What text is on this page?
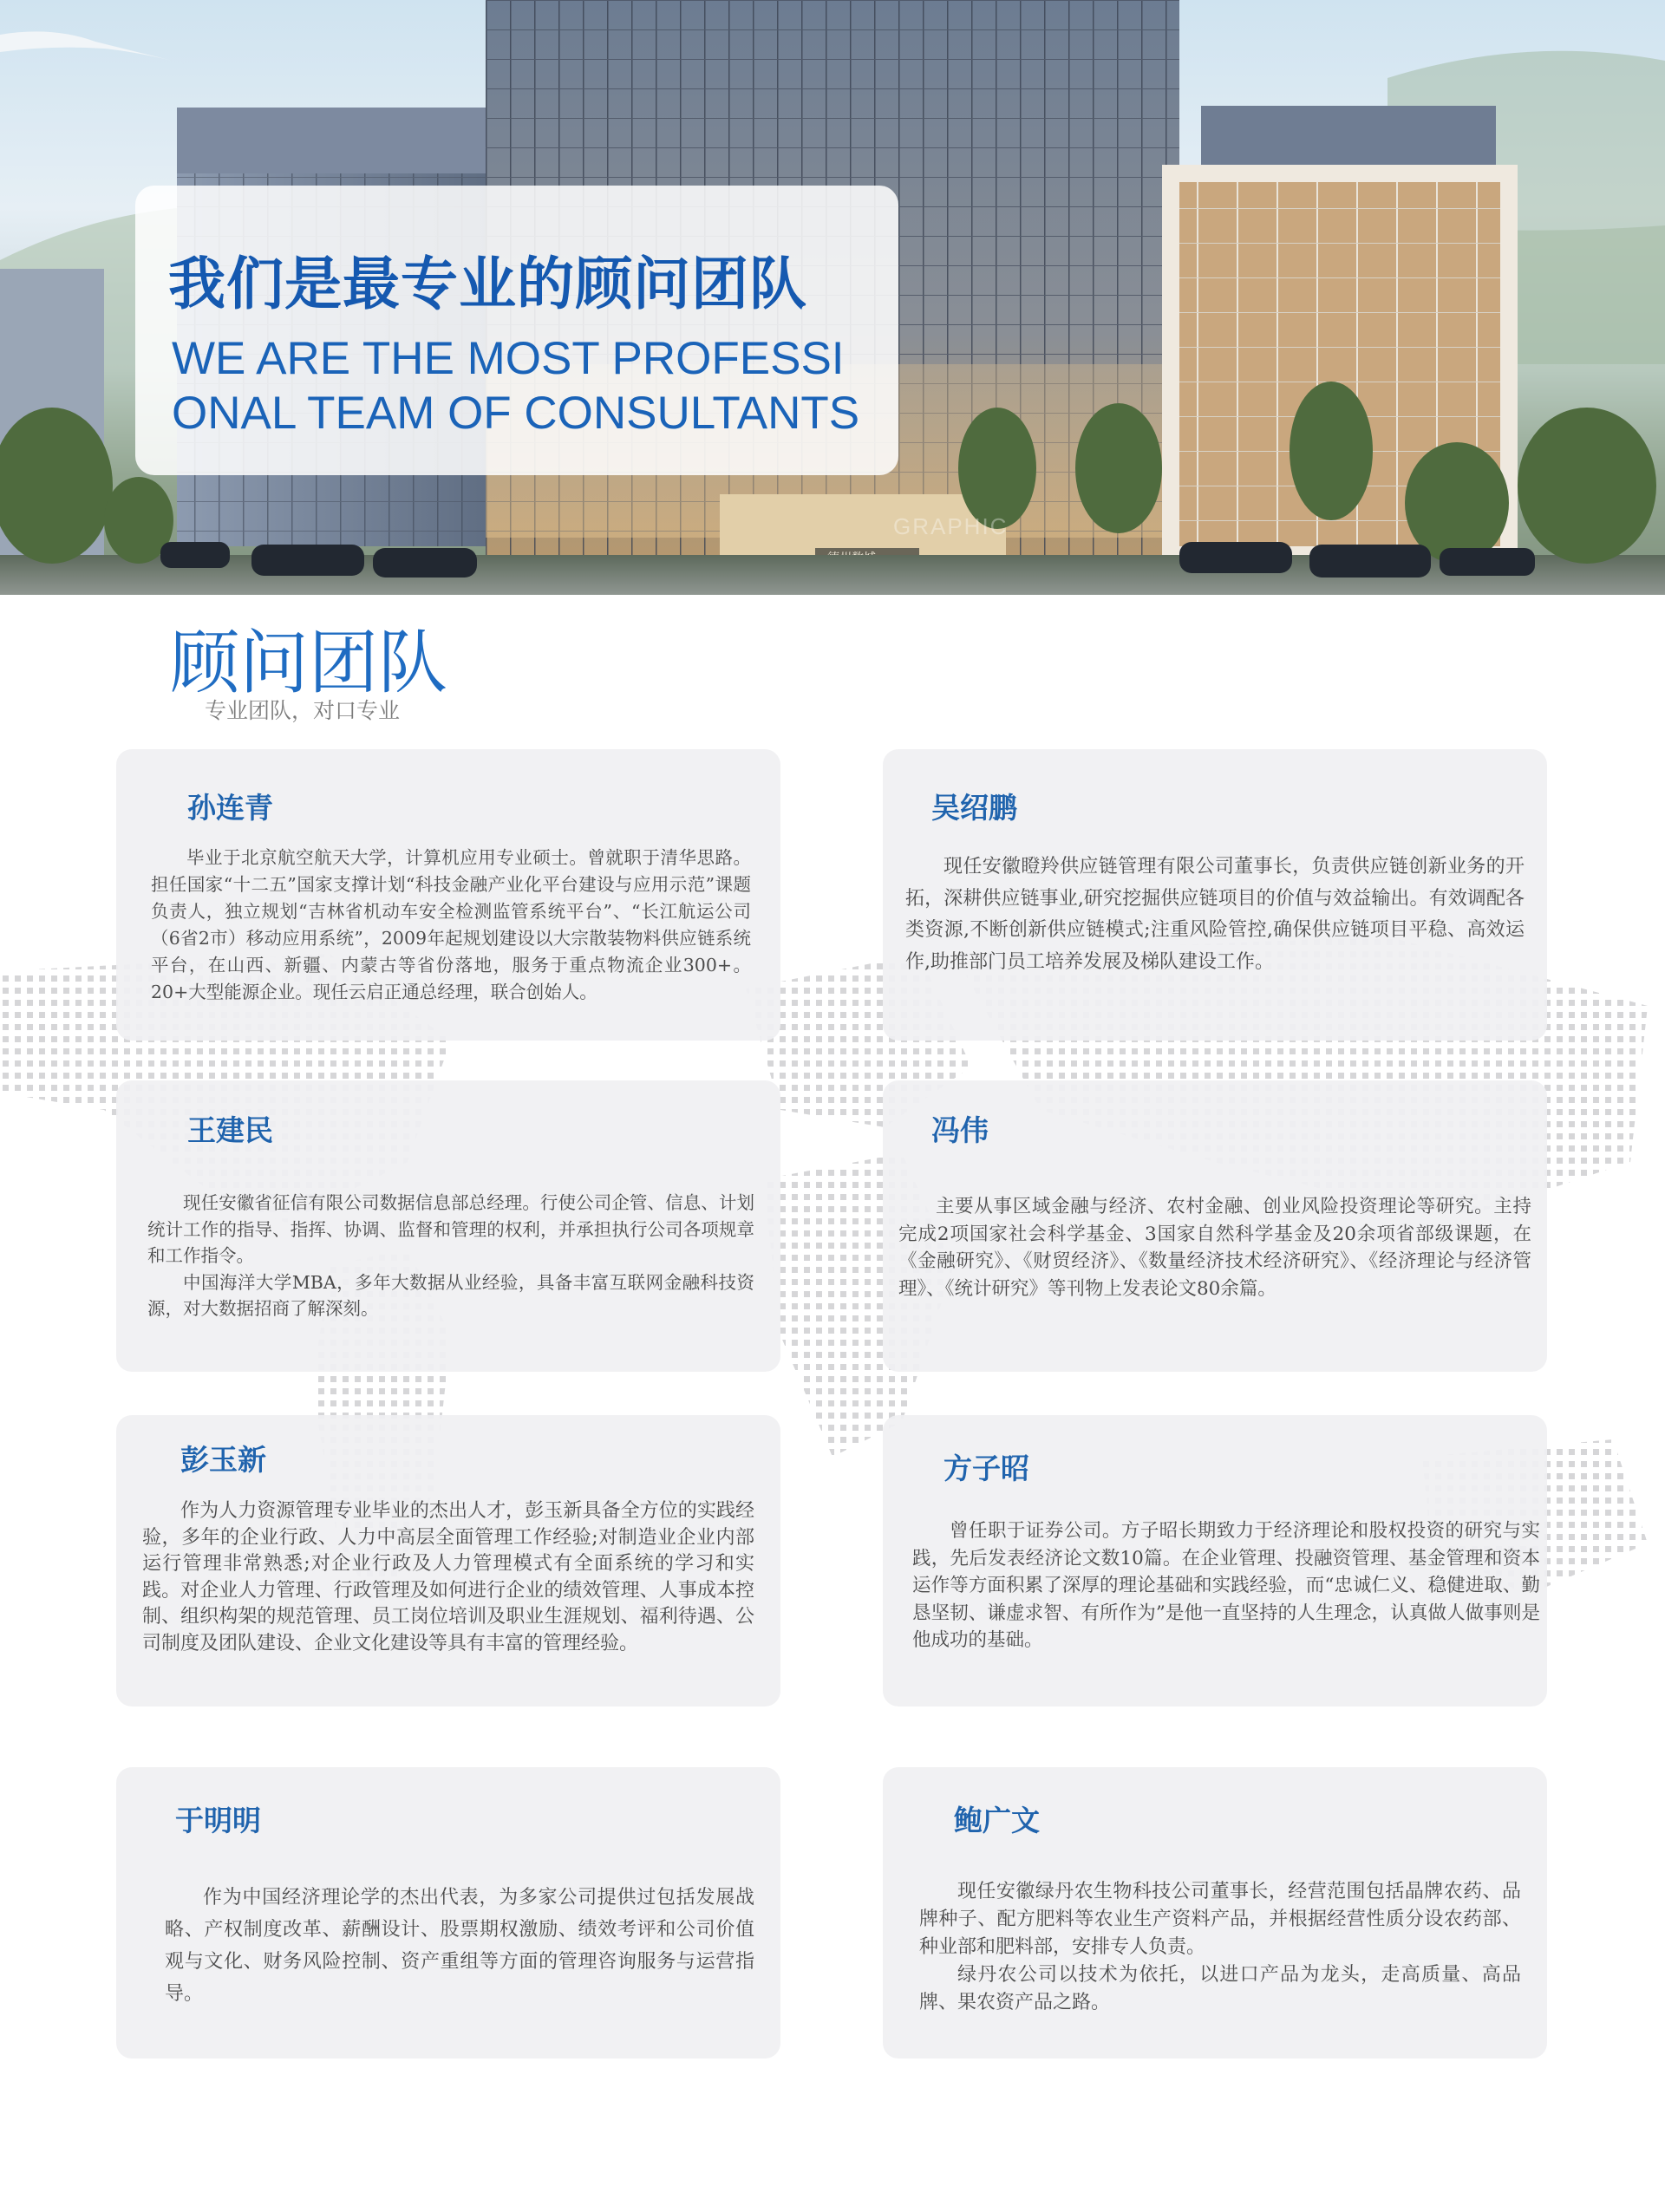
GRAPHIC
我们是最专业的顾问团队
WE ARE THE MOST PROFESSIONAL TEAM OF CONSULTANTS
顾问团队
专业团队，对口专业
孙连青

毕业于北京航空航天大学，计算机应用专业硕士。曾就职于清华思路。担任国家“十二五”国家支撑计划“科技金融产业化平台建设与应用示范”课题负责人，独立规划“吉林省机动车安全检测监管系统平台”、“长江航运公司（6省2市）移动应用系统”，2009年起规划建设以大宗散装物料供应链系统平台，在山西、新疆、内蒙古等省份落地，服务于重点物流企业300+。20+大型能源企业。现任云启正通总经理，联合创始人。

吴绍鹏

现任安徽瞪羚供应链管理有限公司董事长，负责供应链创新业务的开拓，深耕供应链事业,研究挖掘供应链项目的价值与效益输出。有效调配各类资源,不断创新供应链模式;注重风险管控,确保供应链项目平稳、高效运作,助推部门员工培养发展及梯队建设工作。

王建民

现任安徽省征信有限公司数据信息部总经理。行使公司企管、信息、计划统计工作的指导、指挥、协调、监督和管理的权利，并承担执行公司各项规章和工作指令。

中国海洋大学MBA，多年大数据从业经验，具备丰富互联网金融科技资源，对大数据招商了解深刻。

冯伟

主要从事区域金融与经济、农村金融、创业风险投资理论等研究。主持完成2项国家社会科学基金、3国家自然科学基金及20余项省部级课题，在《金融研究》、《财贸经济》、《数量经济技术经济研究》、《经济理论与经济管理》、《统计研究》等刊物上发表论文80余篇。

彭玉新

作为人力资源管理专业毕业的杰出人才，彭玉新具备全方位的实践经验，多年的企业行政、人力中高层全面管理工作经验;对制造业企业内部运行管理非常熟悉;对企业行政及人力管理模式有全面系统的学习和实践。对企业人力管理、行政管理及如何进行企业的绩效管理、人事成本控制、组织构架的规范管理、员工岗位培训及职业生涯规划、福利待遇、公司制度及团队建设、企业文化建设等具有丰富的管理经验。

方子昭

曾任职于证券公司。方子昭长期致力于经济理论和股权投资的研究与实践，先后发表经济论文数10篇。在企业管理、投融资管理、基金管理和资本运作等方面积累了深厚的理论基础和实践经验，而“忠诚仁义、稳健进取、勤恳坚韧、谦虚求智、有所作为”是他一直坚持的人生理念，认真做人做事则是他成功的基础。

于明明

作为中国经济理论学的杰出代表，为多家公司提供过包括发展战略、产权制度改革、薪酬设计、股票期权激励、绩效考评和公司价值观与文化、财务风险控制、资产重组等方面的管理咨询服务与运营指导。

鲍广文

现任安徽绿丹农生物科技公司董事长，经营范围包括晶牌农药、品牌种子、配方肥料等农业生产资料产品，并根据经营性质分设农药部、种业部和肥料部，安排专人负责。

绿丹农公司以技术为依托，以进口产品为龙头，走高质量、高品牌、果农资产品之路。
